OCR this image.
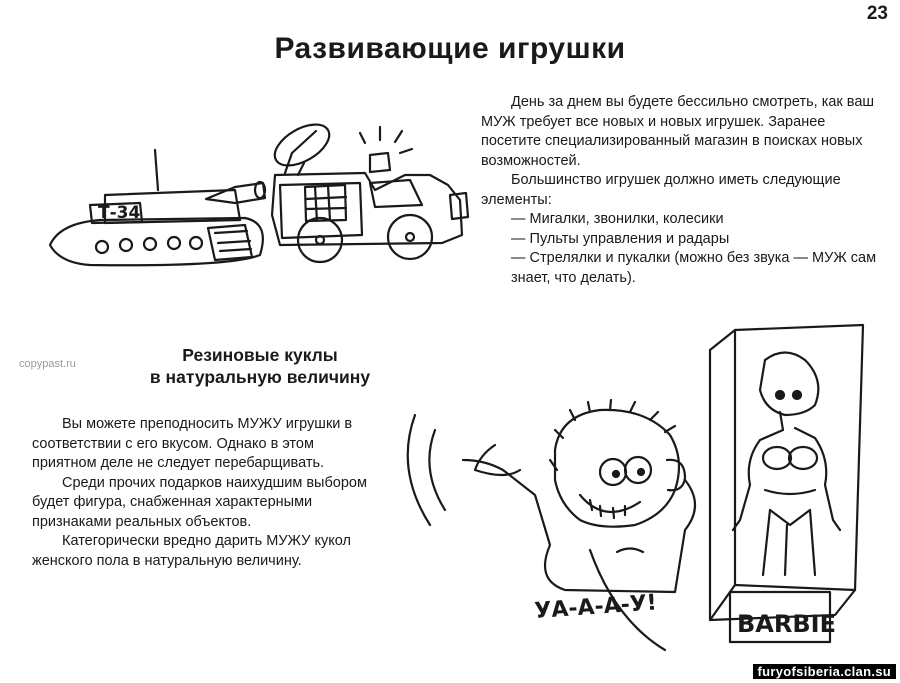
23
Развивающие игрушки
Т-34

День за днем вы будете бессильно смотреть, как ваш МУЖ требует все новых и новых игрушек. Заранее посетите специализированный магазин в поисках новых возможностей.

Большинство игрушек должно иметь следующие элементы:

— Мигалки, звонилки, колесики

— Пульты управления и радары

— Стрелялки и пукалки (можно без звука — МУЖ сам знает, что делать).

copypast.ru	Резиновые куклы
в натуральную величину

Вы можете преподносить МУЖУ игрушки в соответствии с его вкусом. Однако в этом приятном деле не следует перебарщивать.

Среди прочих подарков наихудшим выбором будет фигура, снабженная характерными признаками реальных объектов.

Категорически вредно дарить МУЖУ кукол женского пола в натуральную величину.

УА-А-А-У!
BARBIE
furyofsiberia.clan.su
